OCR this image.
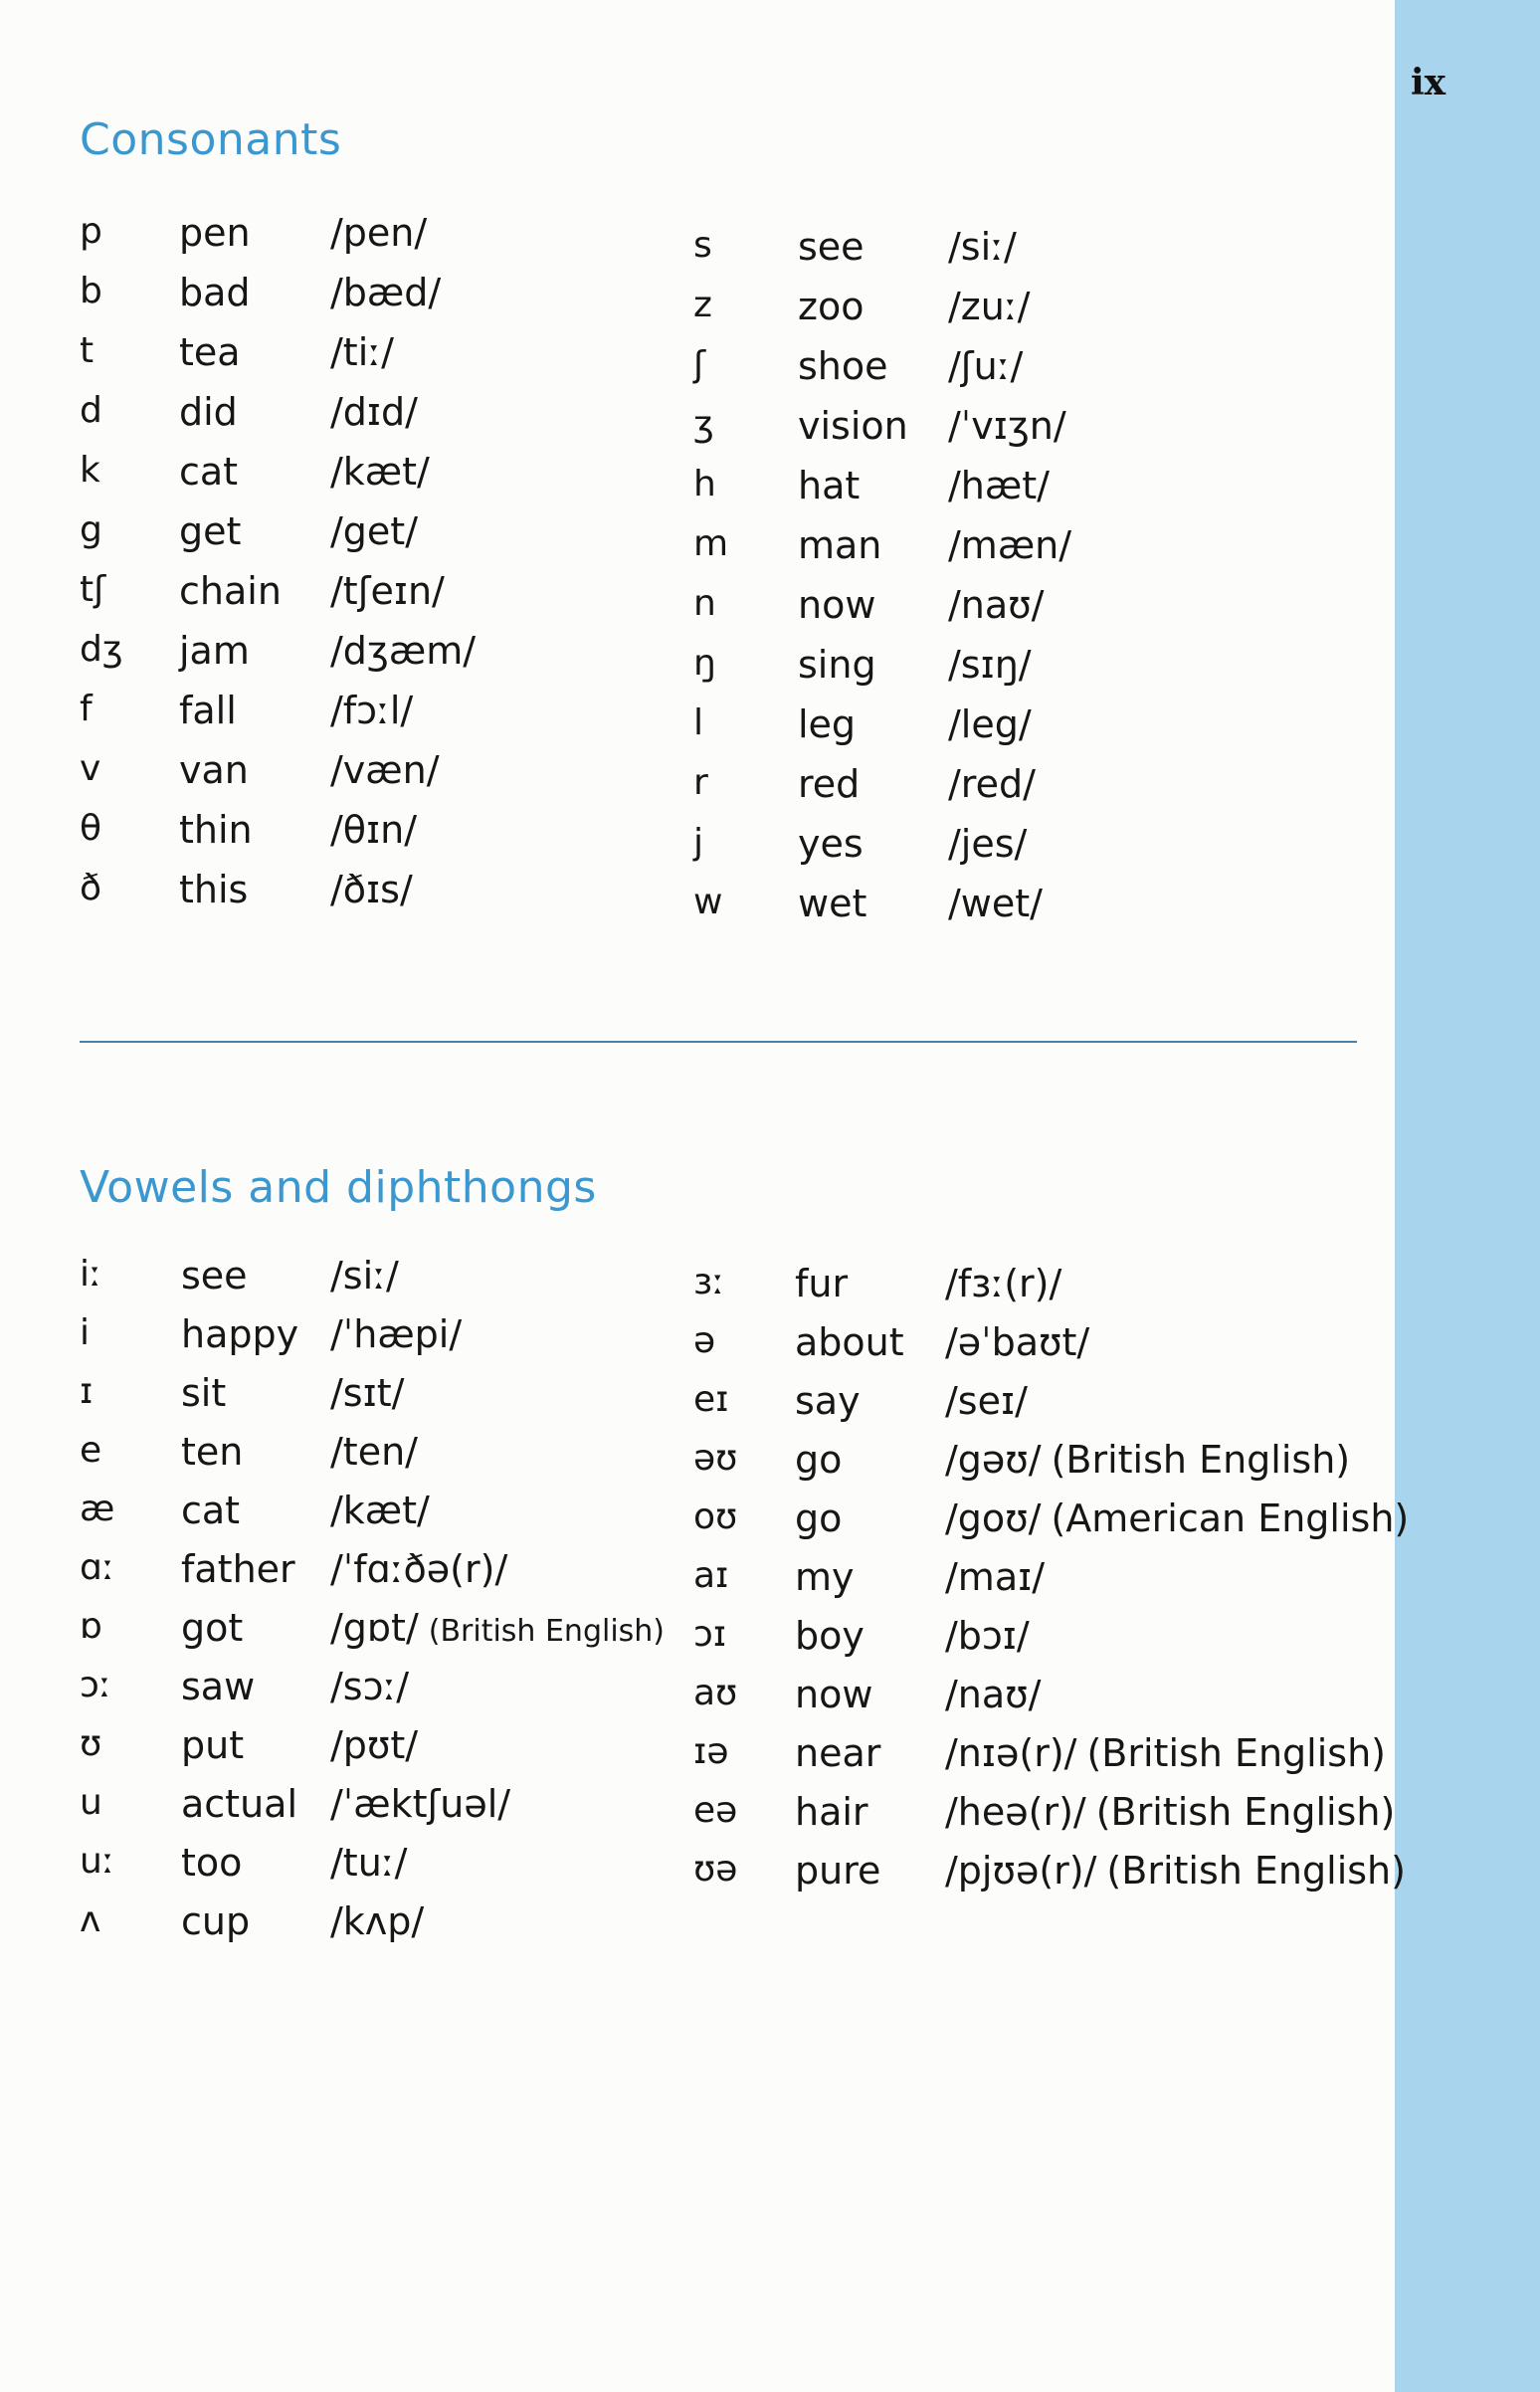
ix
Consonants
p pen /pen/
b bad /bæd/
t tea /tiː/
d did /dɪd/
k cat /kæt/
g get /get/
tʃ chain /tʃeɪn/
dʒ jam /dʒæm/
f fall /fɔːl/
v van /væn/
θ thin /θɪn/
ð this /ðɪs/
s see /siː/
z zoo /zuː/
ʃ shoe /ʃuː/
ʒ vision /ˈvɪʒn/
h hat /hæt/
m man /mæn/
n now /naʊ/
ŋ sing /sɪŋ/
l leg /leg/
r red /red/
j yes /jes/
w wet /wet/
Vowels and diphthongs
iː see /siː/
i happy /ˈhæpi/
ɪ sit	/sɪt/
e ten /ten/
æ cat /kæt/
ɑː father /ˈfɑːðə(r)/
ɒ got /gɒt/ (British English)
ɔː saw /sɔː/
ʊ put /pʊt/
u actual /ˈæktʃuəl/
uː too /tuː/
ʌ cup /kʌp/
ɜː fur	/fɜː(r)/
ə about /əˈbaʊt/
eɪ say /seɪ/
əʊ go	/gəʊ/ (British English)
oʊ go	/goʊ/ (American English)
aɪ my /maɪ/
ɔɪ boy /bɔɪ/
aʊ now /naʊ/
ɪə near /nɪə(r)/ (British English)
eə hair /heə(r)/ (British English)
ʊə pure /pjʊə(r)/ (British English)
